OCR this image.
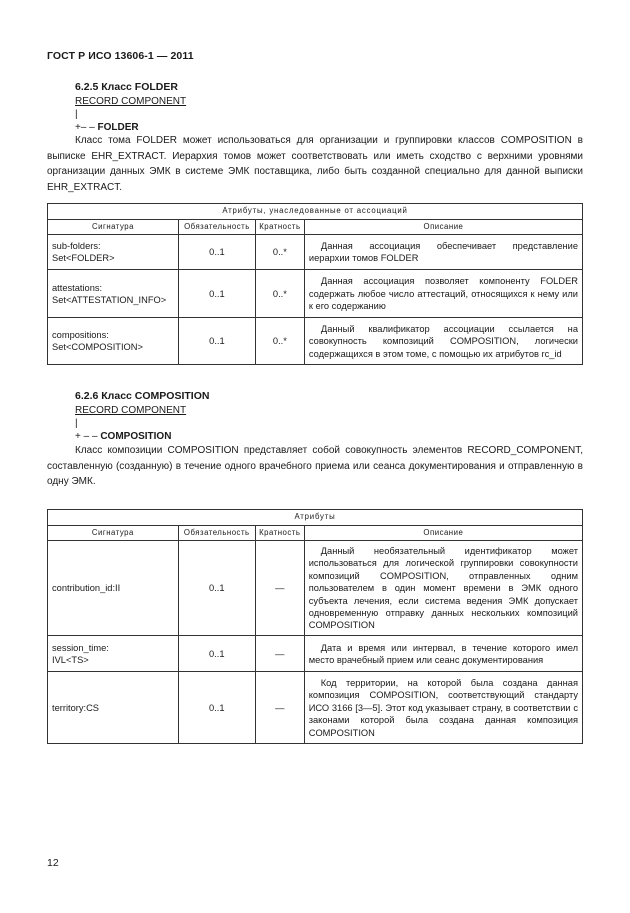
ГОСТ Р ИСО 13606-1 — 2011
6.2.5 Класс FOLDER
RECORD COMPONENT
|
+– – FOLDER
Класс тома FOLDER может использоваться для организации и группировки классов COMPOSITION в выписке EHR_EXTRACT. Иерархия томов может соответствовать или иметь сходство с верхними уровнями организации данных ЭМК в системе ЭМК поставщика, либо быть созданной специально для данной выписки EHR_EXTRACT.
Атрибуты, унаследованные от ассоциаций			
Сигнатура	Обязательность	Кратность	Описание

sub-folders:
Set<FOLDER>	0..1	0..*	Данная ассоциация обеспечивает представление иерархии томов FOLDER

attestations:
Set<ATTESTATION_INFO>	0..1	0..*	Данная ассоциация позволяет компоненту FOLDER содержать любое число аттестаций, относящихся к нему или к его содержанию

compositions:
Set<COMPOSITION>	0..1	0..*	Данный квалификатор ассоциации ссылается на совокупность композиций COMPOSITION, логически содержащихся в этом томе, с помощью их атрибутов rc_id
6.2.6 Класс COMPOSITION
RECORD COMPONENT
|
+ – – COMPOSITION
Класс композиции COMPOSITION представляет собой совокупность элементов RECORD_COMPONENT, составленную (созданную) в течение одного врачебного приема или сеанса документирования и отправленную в одну ЭМК.
Атрибуты			
Сигнатура	Обязательность	Кратность	Описание

contribution_id:II	0..1	—	Данный необязательный идентификатор может использоваться для логической группировки совокупности композиций COMPOSITION, отправленных одним пользователем в один момент времени в ЭМК одного субъекта лечения, если система ведения ЭМК допускает одновременную отправку данных нескольких композиций COMPOSITION

session_time:
IVL<TS>	0..1	—	Дата и время или интервал, в течение которого имел место врачебный прием или сеанс документирования

territory:CS	0..1	—	Код территории, на которой была создана данная композиция COMPOSITION, соответствующий стандарту ИСО 3166 [3—5]. Этот код указывает страну, в соответствии с законами которой была создана данная композиция COMPOSITION
12
